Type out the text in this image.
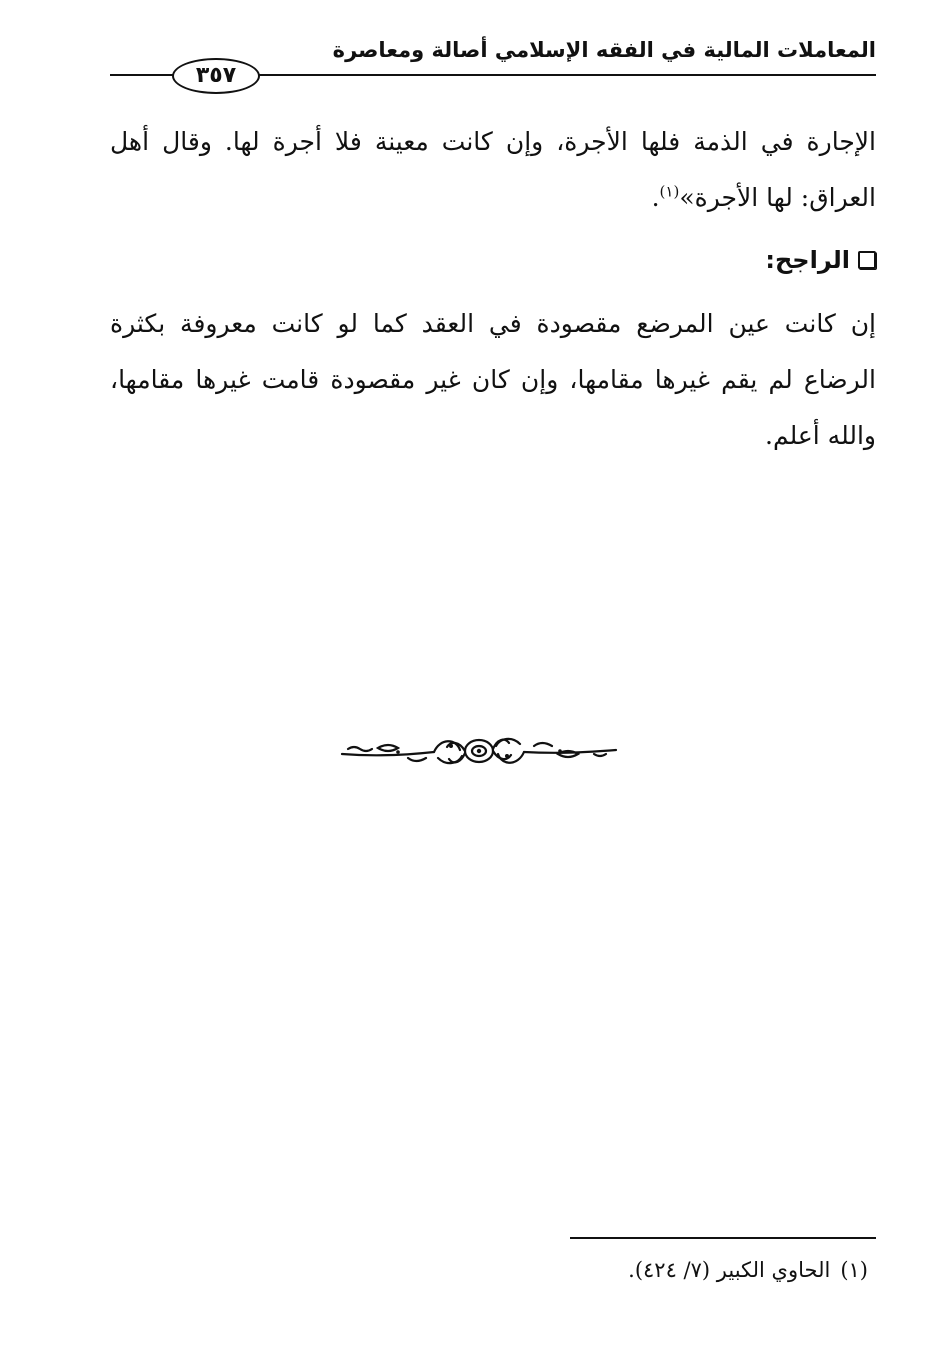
المعاملات المالية في الفقه الإسلامي أصالة ومعاصرة
٣٥٧

الإجارة في الذمة فلها الأجرة، وإن كانت معينة فلا أجرة لها. وقال أهل العراق: لها الأجرة»$^{(١)}$.

الراجح:

إن كانت عين المرضع مقصودة في العقد كما لو كانت معروفة بكثرة الرضاع لم يقم غيرها مقامها، وإن كان غير مقصودة قامت غيرها مقامها، والله أعلم.

(١)الحاوي الكبير (٧/ ٤٢٤).
